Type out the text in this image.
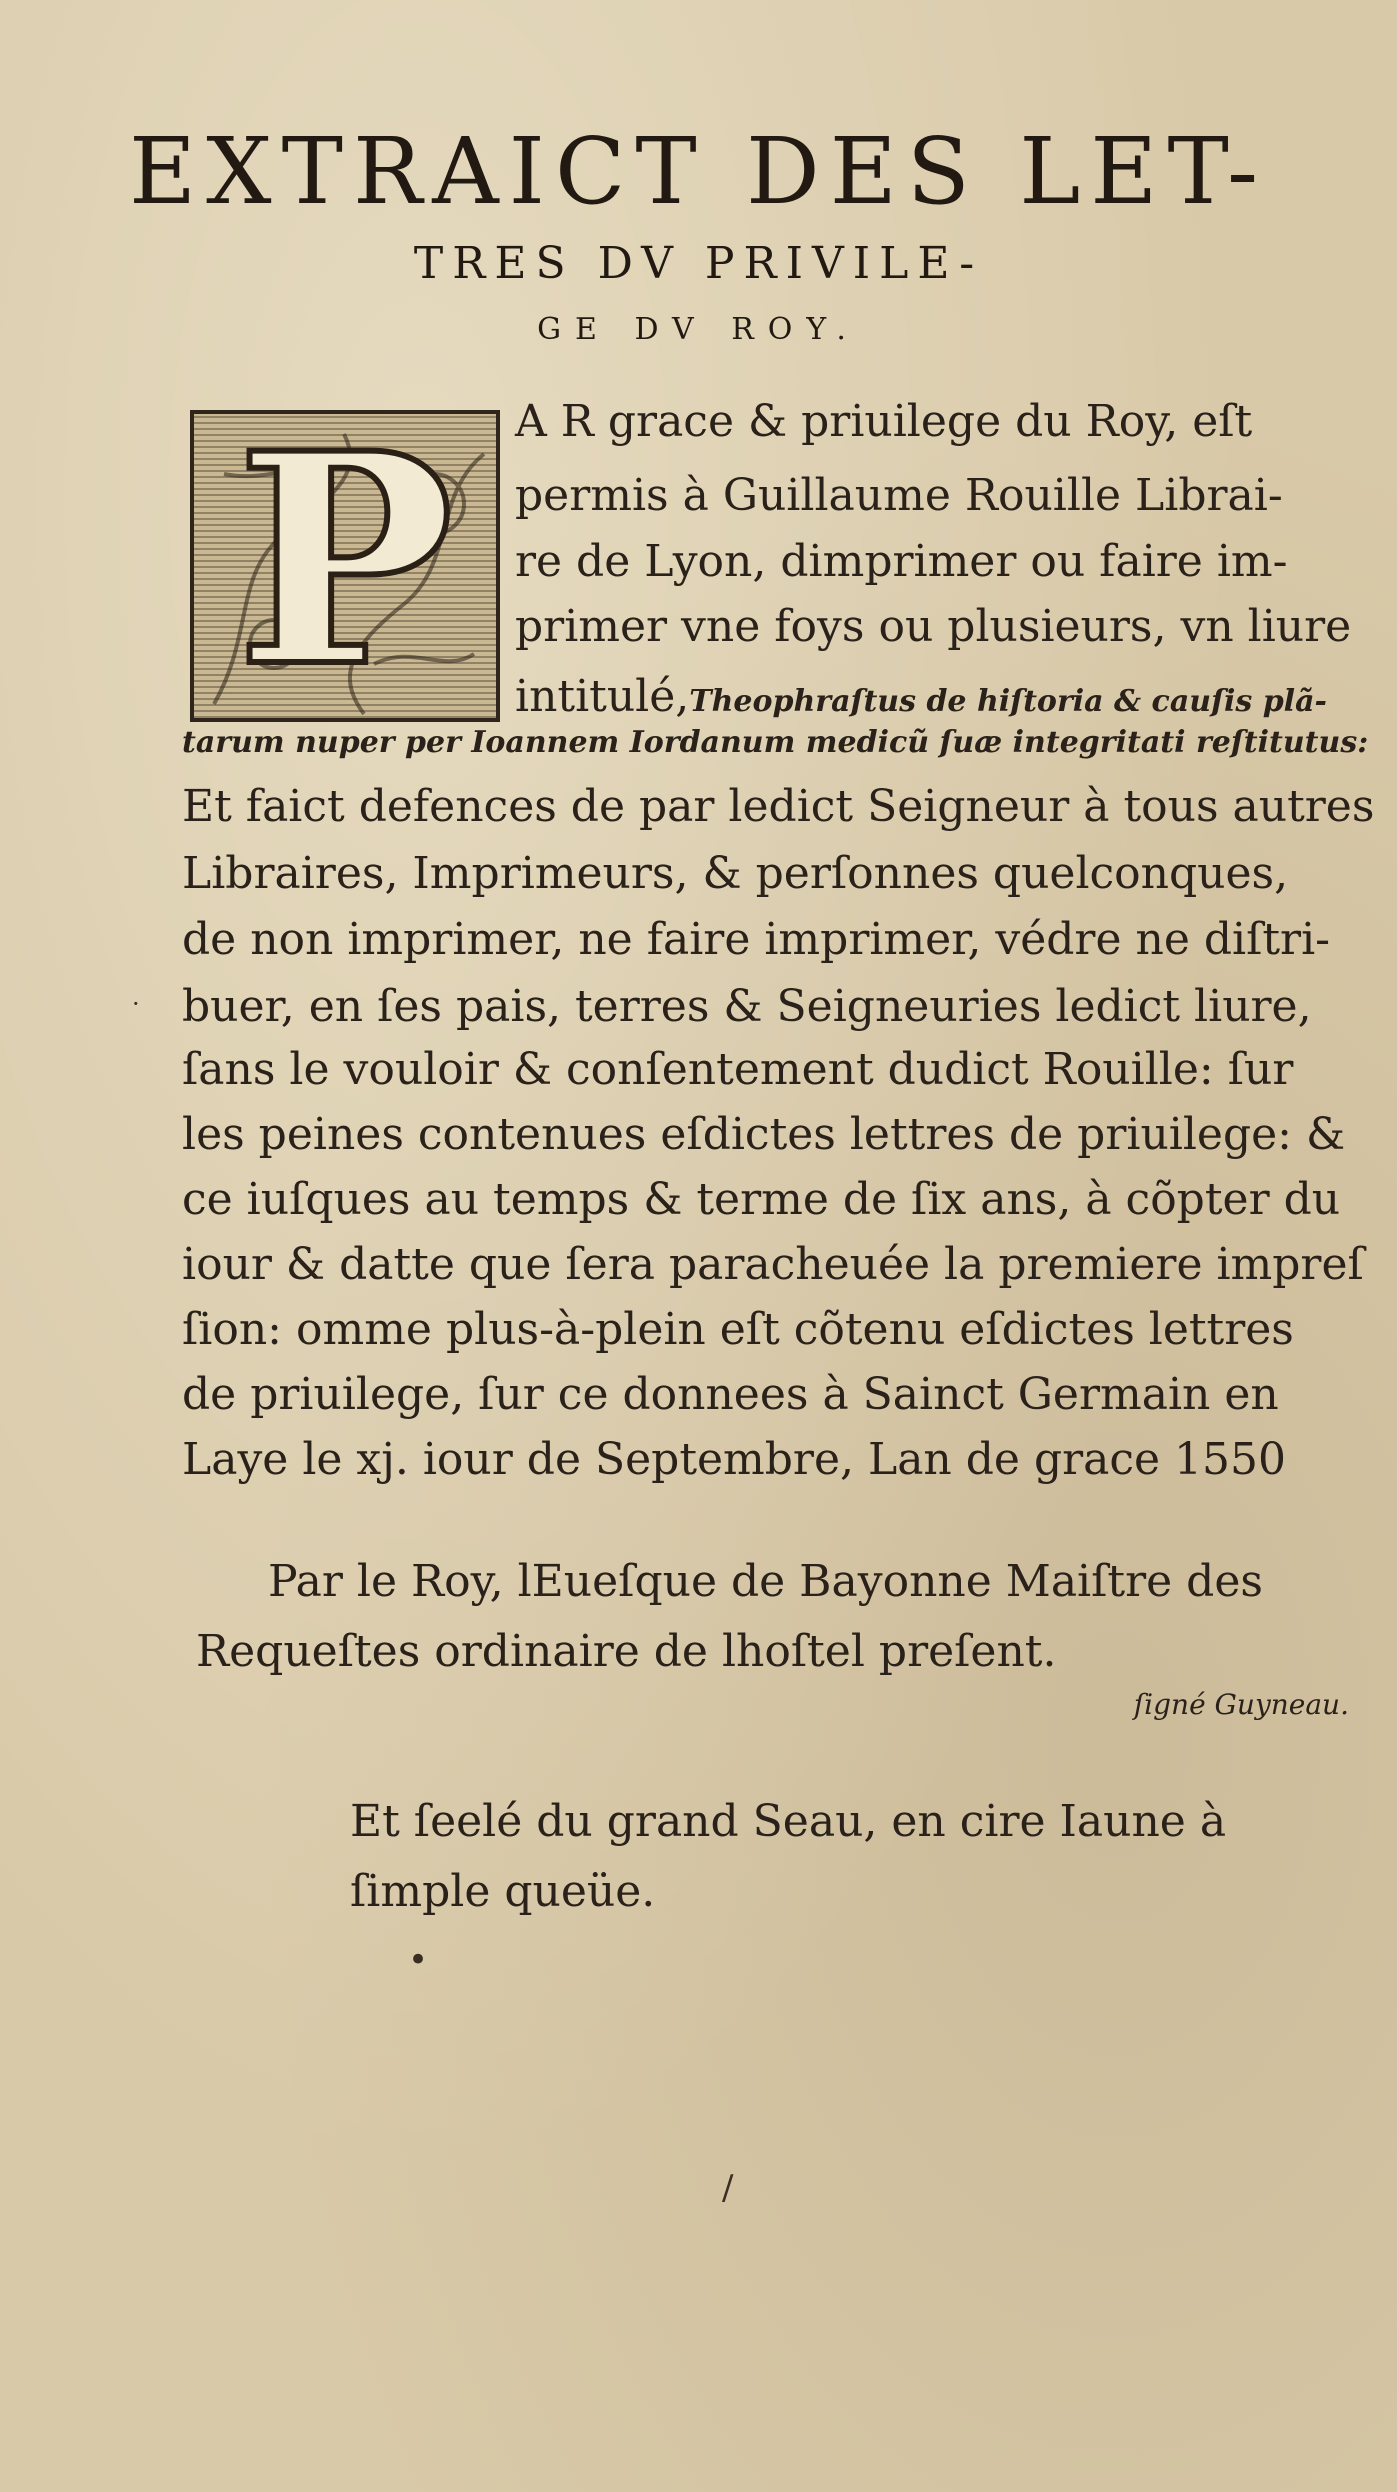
EXTRAICT DES LET-
TRES DV PRIVILE-
GE DV ROY.
P A R grace & priuilege du Roy, eſt
permis à Guillaume Rouille Librai-
re de Lyon, dimprimer ou faire im-
primer vne foys ou plusieurs, vn liure
intitulé,Theophraſtus de hiſtoria & cauſis plã-
tarum nuper per Ioannem Iordanum medicũ ſuæ integritati reſtitutus:
Et faict defences de par ledict Seigneur à tous autres
Libraires, Imprimeurs, & perſonnes quelconques,
de non imprimer, ne faire imprimer, védre ne diſtri-
buer, en ſes pais, terres & Seigneuries ledict liure,
ſans le vouloir & conſentement dudict Rouille: ſur
les peines contenues eſdictes lettres de priuilege: &
ce iuſques au temps & terme de ſix ans, à cõpter du
iour & datte que ſera paracheuée la premiere impreſ
ſion: omme plus-à-plein eſt cõtenu eſdictes lettres
de priuilege, ſur ce donnees à Sainct Germain en
Laye le xj. iour de Septembre, Lan de grace 1550
Par le Roy, lEueſque de Bayonne Maiſtre des
Requeſtes ordinaire de lhoſtel preſent.
ſigné Guyneau.
Et ſeelé du grand Seau, en cire Iaune à
ſimple queüe.
•
/
·
